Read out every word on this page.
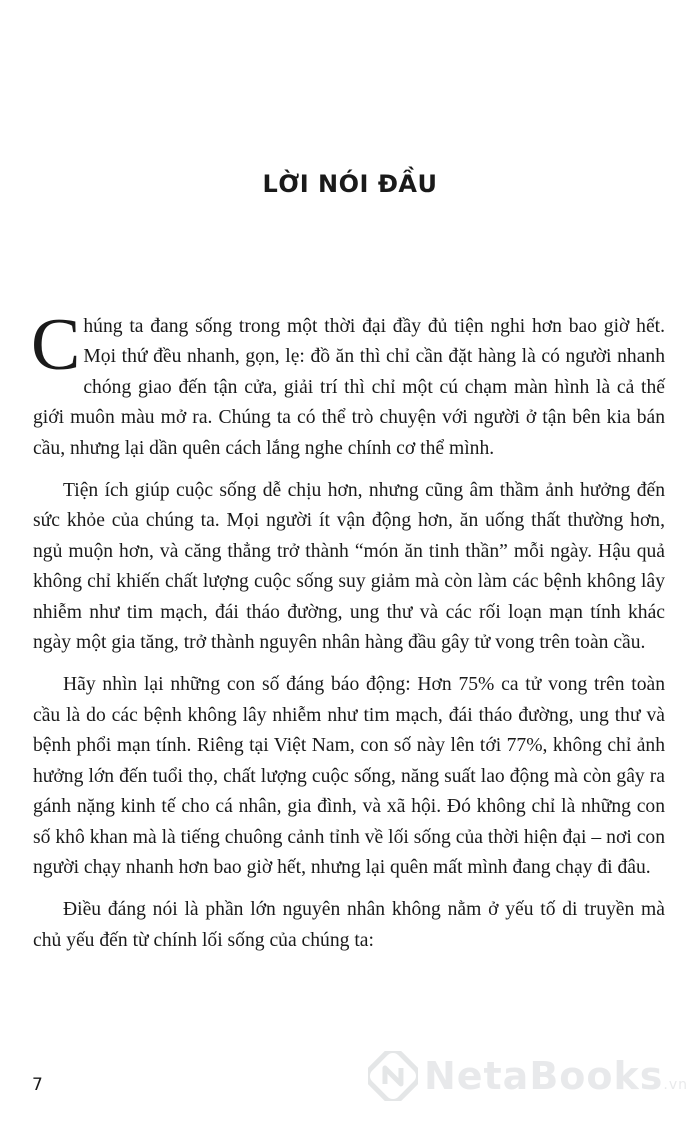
LỜI NÓI ĐẦU

Chúng ta đang sống trong một thời đại đầy đủ tiện nghi hơn bao giờ hết. Mọi thứ đều nhanh, gọn, lẹ: đồ ăn thì chỉ cần đặt hàng là có người nhanh chóng giao đến tận cửa, giải trí thì chỉ một cú chạm màn hình là cả thế giới muôn màu mở ra. Chúng ta có thể trò chuyện với người ở tận bên kia bán cầu, nhưng lại dần quên cách lắng nghe chính cơ thể mình.

Tiện ích giúp cuộc sống dễ chịu hơn, nhưng cũng âm thầm ảnh hưởng đến sức khỏe của chúng ta. Mọi người ít vận động hơn, ăn uống thất thường hơn, ngủ muộn hơn, và căng thẳng trở thành “món ăn tinh thần” mỗi ngày. Hậu quả không chỉ khiến chất lượng cuộc sống suy giảm mà còn làm các bệnh không lây nhiễm như tim mạch, đái tháo đường, ung thư và các rối loạn mạn tính khác ngày một gia tăng, trở thành nguyên nhân hàng đầu gây tử vong trên toàn cầu.

Hãy nhìn lại những con số đáng báo động: Hơn 75% ca tử vong trên toàn cầu là do các bệnh không lây nhiễm như tim mạch, đái tháo đường, ung thư và bệnh phổi mạn tính. Riêng tại Việt Nam, con số này lên tới 77%, không chỉ ảnh hưởng lớn đến tuổi thọ, chất lượng cuộc sống, năng suất lao động mà còn gây ra gánh nặng kinh tế cho cá nhân, gia đình, và xã hội. Đó không chỉ là những con số khô khan mà là tiếng chuông cảnh tỉnh về lối sống của thời hiện đại – nơi con người chạy nhanh hơn bao giờ hết, nhưng lại quên mất mình đang chạy đi đâu.

Điều đáng nói là phần lớn nguyên nhân không nằm ở yếu tố di truyền mà chủ yếu đến từ chính lối sống của chúng ta:

7	NetaBooks.vn
